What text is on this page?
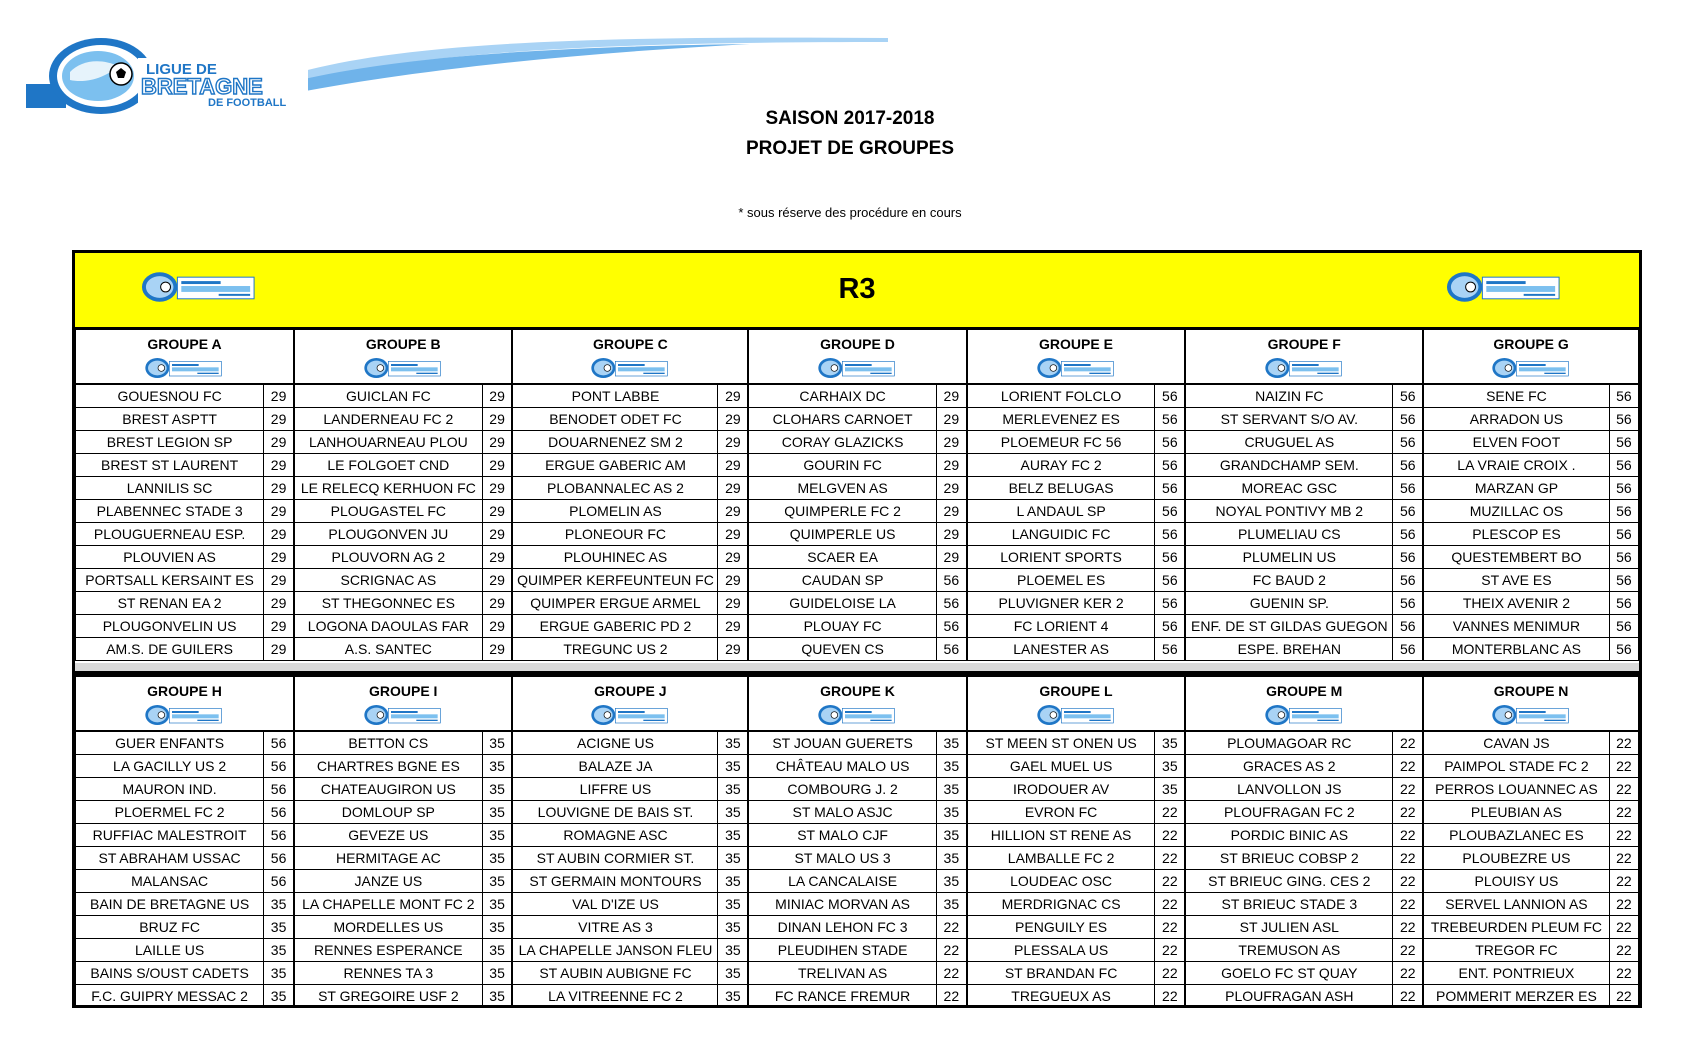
LIGUE DE
BRETAGNE
DE FOOTBALL
SAISON 2017-2018
PROJET DE GROUPES
* sous réserve des procédure en cours
R3
GROUPE A		GROUPE B		GROUPE C		GROUPE D		GROUPE E		GROUPE F		GROUPE G	

GOUESNOU FC	29	GUICLAN FC	29	PONT LABBE	29	CARHAIX DC	29	LORIENT FOLCLO	56	NAIZIN FC	56	SENE FC	56
BREST ASPTT	29	LANDERNEAU FC 2	29	BENODET ODET FC	29	CLOHARS CARNOET	29	MERLEVENEZ ES	56	ST SERVANT S/O AV.	56	ARRADON US	56
BREST LEGION SP	29	LANHOUARNEAU PLOU	29	DOUARNENEZ SM 2	29	CORAY GLAZICKS	29	PLOEMEUR FC 56	56	CRUGUEL AS	56	ELVEN FOOT	56
BREST ST LAURENT	29	LE FOLGOET CND	29	ERGUE GABERIC AM	29	GOURIN FC	29	AURAY FC 2	56	GRANDCHAMP SEM.	56	LA VRAIE CROIX .	56
LANNILIS SC	29	LE RELECQ KERHUON FC	29	PLOBANNALEC AS 2	29	MELGVEN AS	29	BELZ BELUGAS	56	MOREAC GSC	56	MARZAN GP	56
PLABENNEC STADE 3	29	PLOUGASTEL FC	29	PLOMELIN AS	29	QUIMPERLE FC 2	29	L ANDAUL SP	56	NOYAL PONTIVY MB 2	56	MUZILLAC OS	56
PLOUGUERNEAU ESP.	29	PLOUGONVEN JU	29	PLONEOUR FC	29	QUIMPERLE US	29	LANGUIDIC FC	56	PLUMELIAU CS	56	PLESCOP ES	56
PLOUVIEN AS	29	PLOUVORN AG 2	29	PLOUHINEC AS	29	SCAER EA	29	LORIENT SPORTS	56	PLUMELIN US	56	QUESTEMBERT BO	56
PORTSALL KERSAINT ES	29	SCRIGNAC AS	29	QUIMPER KERFEUNTEUN FC	29	CAUDAN SP	56	PLOEMEL ES	56	FC BAUD 2	56	ST AVE ES	56
ST RENAN EA 2	29	ST THEGONNEC ES	29	QUIMPER ERGUE ARMEL	29	GUIDELOISE LA	56	PLUVIGNER KER 2	56	GUENIN SP.	56	THEIX AVENIR 2	56
PLOUGONVELIN US	29	LOGONA DAOULAS FAR	29	ERGUE GABERIC PD 2	29	PLOUAY FC	56	FC LORIENT 4	56	ENF. DE ST GILDAS GUEGON	56	VANNES MENIMUR	56
AM.S. DE GUILERS	29	A.S. SANTEC	29	TREGUNC US 2	29	QUEVEN CS	56	LANESTER AS	56	ESPE. BREHAN	56	MONTERBLANC AS	56
GROUPE H		GROUPE I		GROUPE J		GROUPE K		GROUPE L		GROUPE M		GROUPE N	

GUER ENFANTS	56	BETTON CS	35	ACIGNE US	35	ST JOUAN GUERETS	35	ST MEEN ST ONEN US	35	PLOUMAGOAR RC	22	CAVAN JS	22
LA GACILLY US 2	56	CHARTRES BGNE ES	35	BALAZE JA	35	CHÂTEAU MALO US	35	GAEL MUEL US	35	GRACES AS 2	22	PAIMPOL STADE FC 2	22
MAURON IND.	56	CHATEAUGIRON US	35	LIFFRE US	35	COMBOURG J. 2	35	IRODOUER AV	35	LANVOLLON JS	22	PERROS LOUANNEC AS	22
PLOERMEL FC 2	56	DOMLOUP SP	35	LOUVIGNE DE BAIS ST.	35	ST MALO ASJC	35	EVRON FC	22	PLOUFRAGAN FC 2	22	PLEUBIAN AS	22
RUFFIAC MALESTROIT	56	GEVEZE US	35	ROMAGNE ASC	35	ST MALO CJF	35	HILLION ST RENE AS	22	PORDIC BINIC AS	22	PLOUBAZLANEC ES	22
ST ABRAHAM USSAC	56	HERMITAGE AC	35	ST AUBIN CORMIER ST.	35	ST MALO US 3	35	LAMBALLE FC 2	22	ST BRIEUC COBSP 2	22	PLOUBEZRE US	22
MALANSAC	56	JANZE US	35	ST GERMAIN MONTOURS	35	LA CANCALAISE	35	LOUDEAC OSC	22	ST BRIEUC GING. CES 2	22	PLOUISY US	22
BAIN DE BRETAGNE US	35	LA CHAPELLE MONT FC 2	35	VAL D'IZE US	35	MINIAC MORVAN AS	35	MERDRIGNAC CS	22	ST BRIEUC STADE 3	22	SERVEL LANNION AS	22
BRUZ FC	35	MORDELLES US	35	VITRE AS 3	35	DINAN LEHON FC 3	22	PENGUILY ES	22	ST JULIEN ASL	22	TREBEURDEN PLEUM FC	22
LAILLE US	35	RENNES ESPERANCE	35	LA CHAPELLE JANSON FLEU	35	PLEUDIHEN STADE	22	PLESSALA US	22	TREMUSON AS	22	TREGOR FC	22
BAINS S/OUST CADETS	35	RENNES TA 3	35	ST AUBIN AUBIGNE FC	35	TRELIVAN AS	22	ST BRANDAN FC	22	GOELO FC ST QUAY	22	ENT. PONTRIEUX	22
F.C. GUIPRY MESSAC 2	35	ST GREGOIRE USF 2	35	LA VITREENNE FC 2	35	FC RANCE FREMUR	22	TREGUEUX AS	22	PLOUFRAGAN ASH	22	POMMERIT MERZER ES	22
